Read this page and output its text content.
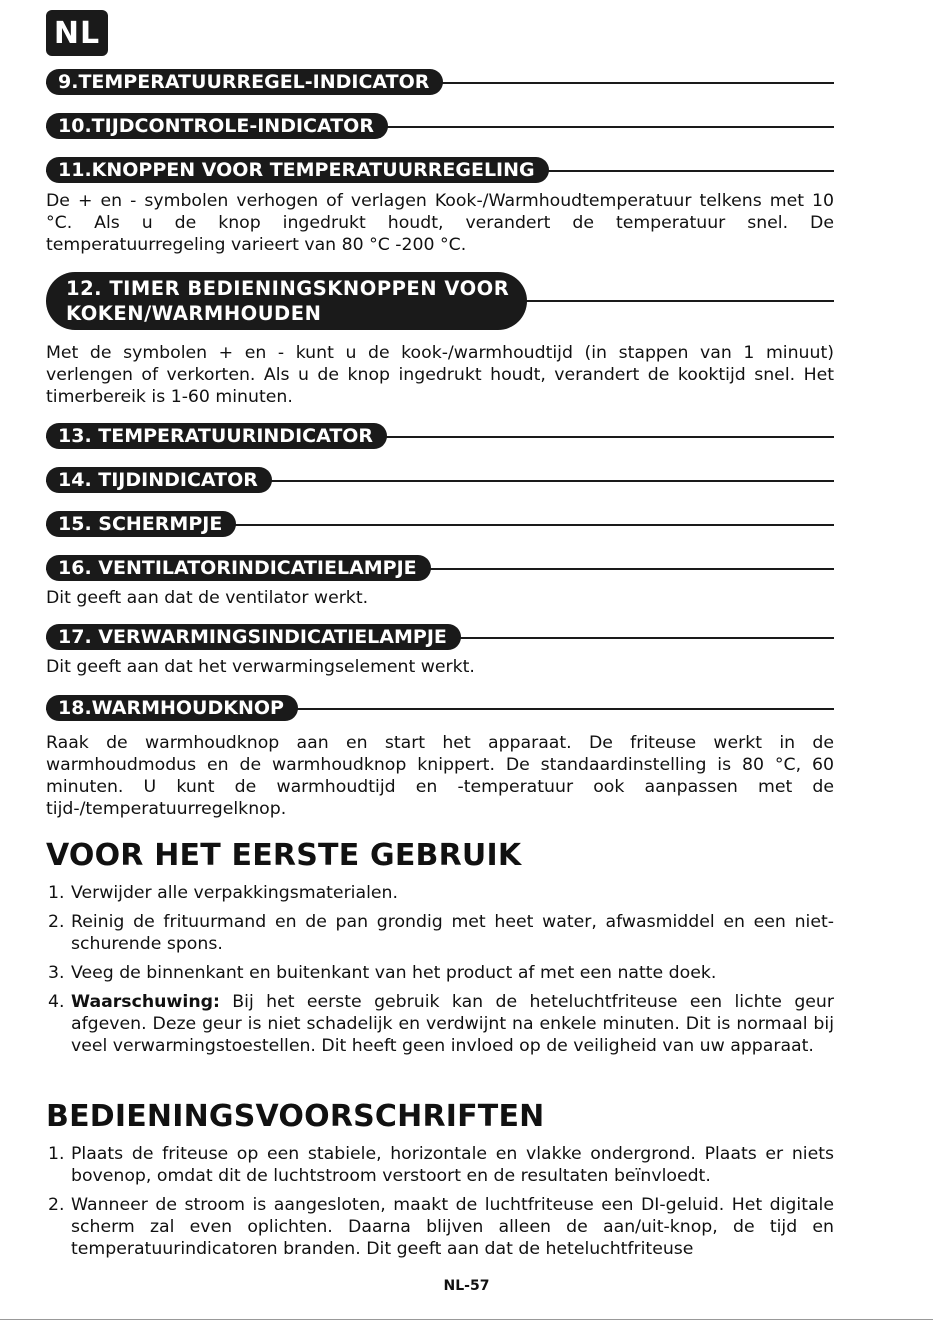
NL
9.TEMPERATUURREGEL-INDICATOR
10.TIJDCONTROLE-INDICATOR
11.KNOPPEN VOOR TEMPERATUURREGELING
De + en - symbolen verhogen of verlagen Kook-/Warmhoudtemperatuur telkens met 10 °C. Als u de knop ingedrukt houdt, verandert de temperatuur snel. De temperatuurregeling varieert van 80 °C -200 °C.
12. TIMER BEDIENINGSKNOPPEN VOOR
KOKEN/WARMHOUDEN
Met de symbolen + en - kunt u de kook-/warmhoudtijd (in stappen van 1 minuut) verlengen of verkorten. Als u de knop ingedrukt houdt, verandert de kooktijd snel. Het timerbereik is 1-60 minuten.
13. TEMPERATUURINDICATOR
14. TIJDINDICATOR
15. SCHERMPJE
16. VENTILATORINDICATIELAMPJE
Dit geeft aan dat de ventilator werkt.
17. VERWARMINGSINDICATIELAMPJE
Dit geeft aan dat het verwarmingselement werkt.
18.WARMHOUDKNOP
Raak de warmhoudknop aan en start het apparaat. De friteuse werkt in de warmhoudmodus en de warmhoudknop knippert. De standaardinstelling is 80 °C, 60 minuten. U kunt de warmhoudtijd en -temperatuur ook aanpassen met de tijd-/temperatuurregelknop.
VOOR HET EERSTE GEBRUIK
1. Verwijder alle verpakkingsmaterialen.
2. Reinig de frituurmand en de pan grondig met heet water, afwasmiddel en een niet-schurende spons.
3. Veeg de binnenkant en buitenkant van het product af met een natte doek.
4. Waarschuwing: Bij het eerste gebruik kan de heteluchtfriteuse een lichte geur afgeven. Deze geur is niet schadelijk en verdwijnt na enkele minuten. Dit is normaal bij veel verwarmingstoestellen. Dit heeft geen invloed op de veiligheid van uw apparaat.
BEDIENINGSVOORSCHRIFTEN
1. Plaats de friteuse op een stabiele, horizontale en vlakke ondergrond. Plaats er niets bovenop, omdat dit de luchtstroom verstoort en de resultaten beïnvloedt.
2. Wanneer de stroom is aangesloten, maakt de luchtfriteuse een DI-geluid. Het digitale scherm zal even oplichten. Daarna blijven alleen de aan/uit-knop, de tijd en temperatuurindicatoren branden. Dit geeft aan dat de heteluchtfriteuse
NL-57
